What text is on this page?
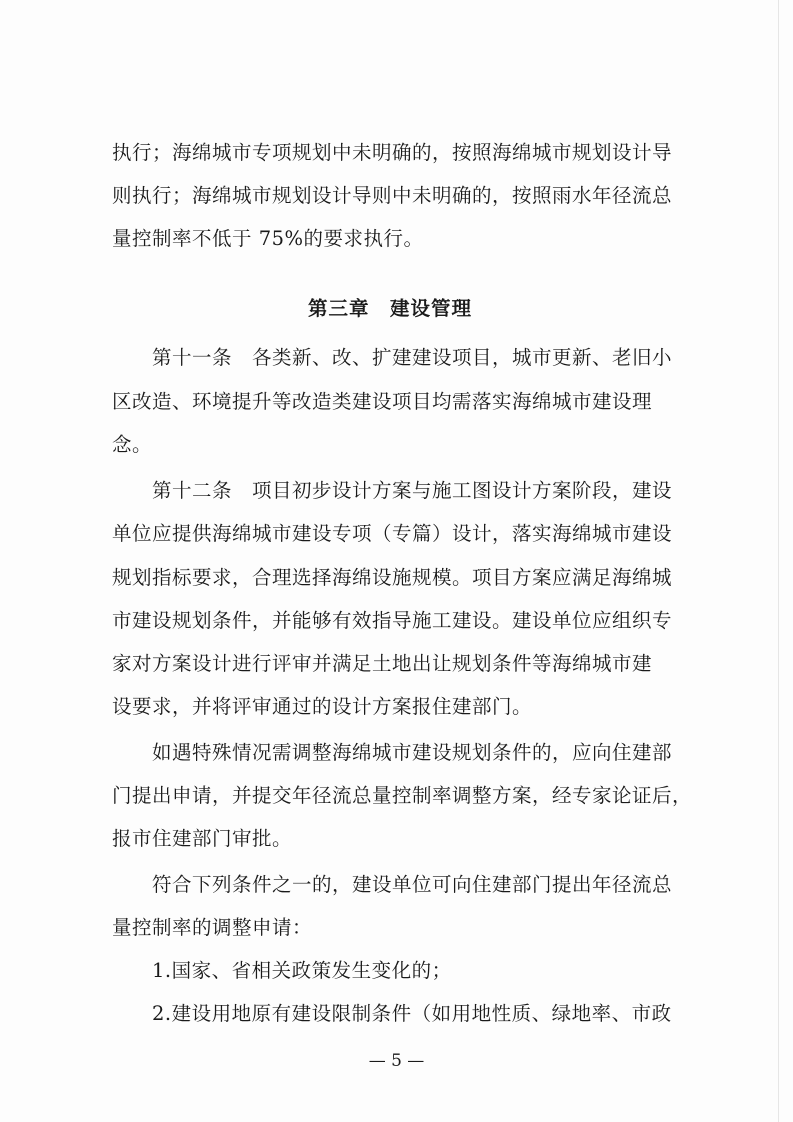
执行；海绵城市专项规划中未明确的，按照海绵城市规划设计导
则执行；海绵城市规划设计导则中未明确的，按照雨水年径流总
量控制率不低于 75%的要求执行。
第三章　建设管理
第十一条　各类新、改、扩建建设项目，城市更新、老旧小
区改造、环境提升等改造类建设项目均需落实海绵城市建设理
念。
第十二条　项目初步设计方案与施工图设计方案阶段，建设
单位应提供海绵城市建设专项（专篇）设计，落实海绵城市建设
规划指标要求，合理选择海绵设施规模。项目方案应满足海绵城
市建设规划条件，并能够有效指导施工建设。建设单位应组织专
家对方案设计进行评审并满足土地出让规划条件等海绵城市建
设要求，并将评审通过的设计方案报住建部门。
如遇特殊情况需调整海绵城市建设规划条件的，应向住建部
门提出申请，并提交年径流总量控制率调整方案，经专家论证后，
报市住建部门审批。
符合下列条件之一的，建设单位可向住建部门提出年径流总
量控制率的调整申请：
1.国家、省相关政策发生变化的；
2.建设用地原有建设限制条件（如用地性质、绿地率、市政
— 5 —
